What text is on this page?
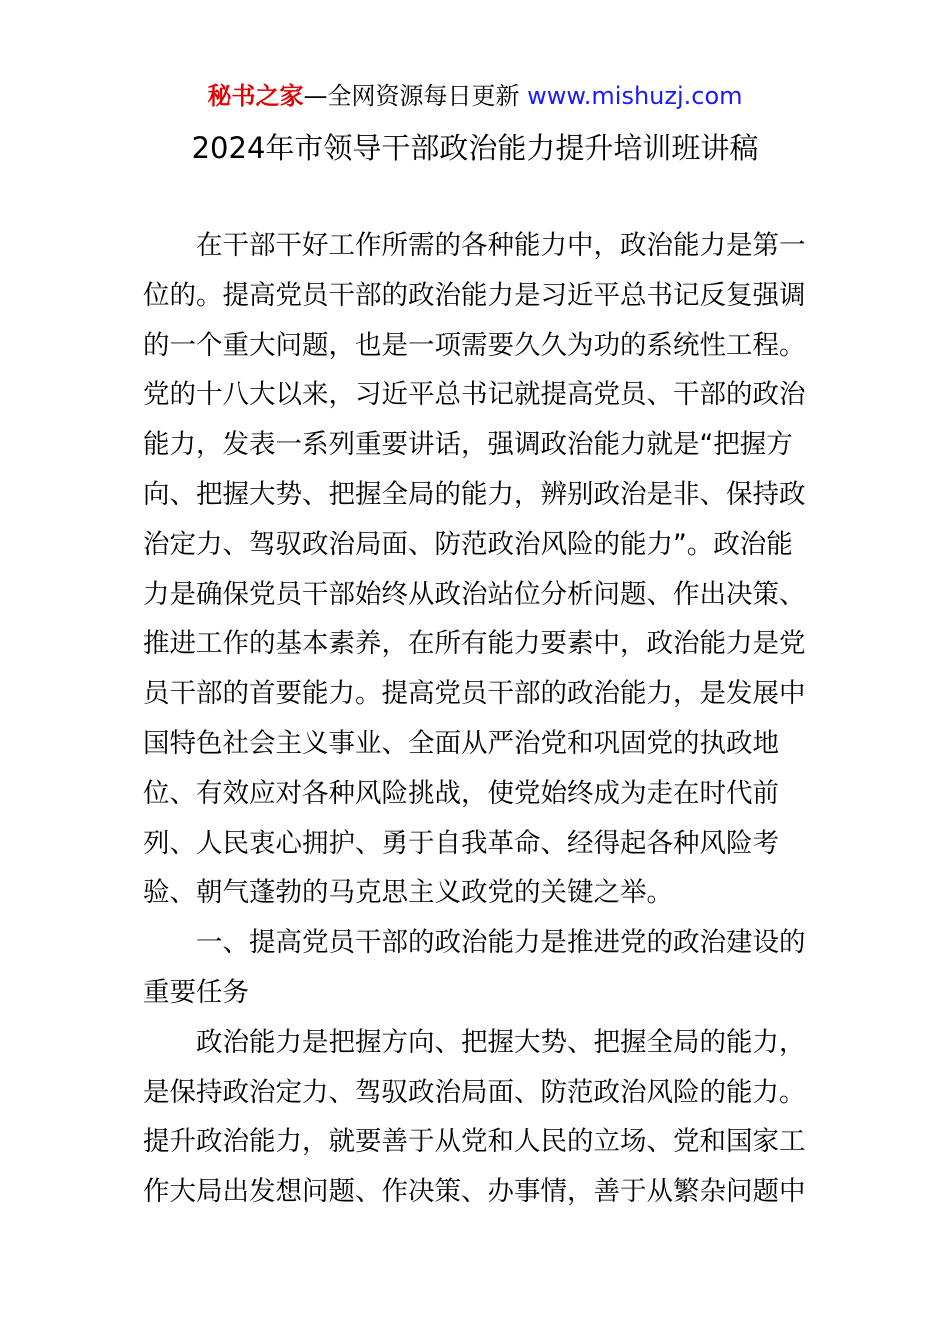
秘书之家—全网资源每日更新 www.mishuzj.com
2024年市领导干部政治能力提升培训班讲稿
在干部干好工作所需的各种能力中，政治能力是第一
位的。提高党员干部的政治能力是习近平总书记反复强调
的一个重大问题，也是一项需要久久为功的系统性工程。
党的十八大以来，习近平总书记就提高党员、干部的政治
能力，发表一系列重要讲话，强调政治能力就是“把握方
向、把握大势、把握全局的能力，辨别政治是非、保持政
治定力、驾驭政治局面、防范政治风险的能力”。政治能
力是确保党员干部始终从政治站位分析问题、作出决策、
推进工作的基本素养，在所有能力要素中，政治能力是党
员干部的首要能力。提高党员干部的政治能力，是发展中
国特色社会主义事业、全面从严治党和巩固党的执政地
位、有效应对各种风险挑战，使党始终成为走在时代前
列、人民衷心拥护、勇于自我革命、经得起各种风险考
验、朝气蓬勃的马克思主义政党的关键之举。
一、提高党员干部的政治能力是推进党的政治建设的
重要任务
政治能力是把握方向、把握大势、把握全局的能力，
是保持政治定力、驾驭政治局面、防范政治风险的能力。
提升政治能力，就要善于从党和人民的立场、党和国家工
作大局出发想问题、作决策、办事情，善于从繁杂问题中
